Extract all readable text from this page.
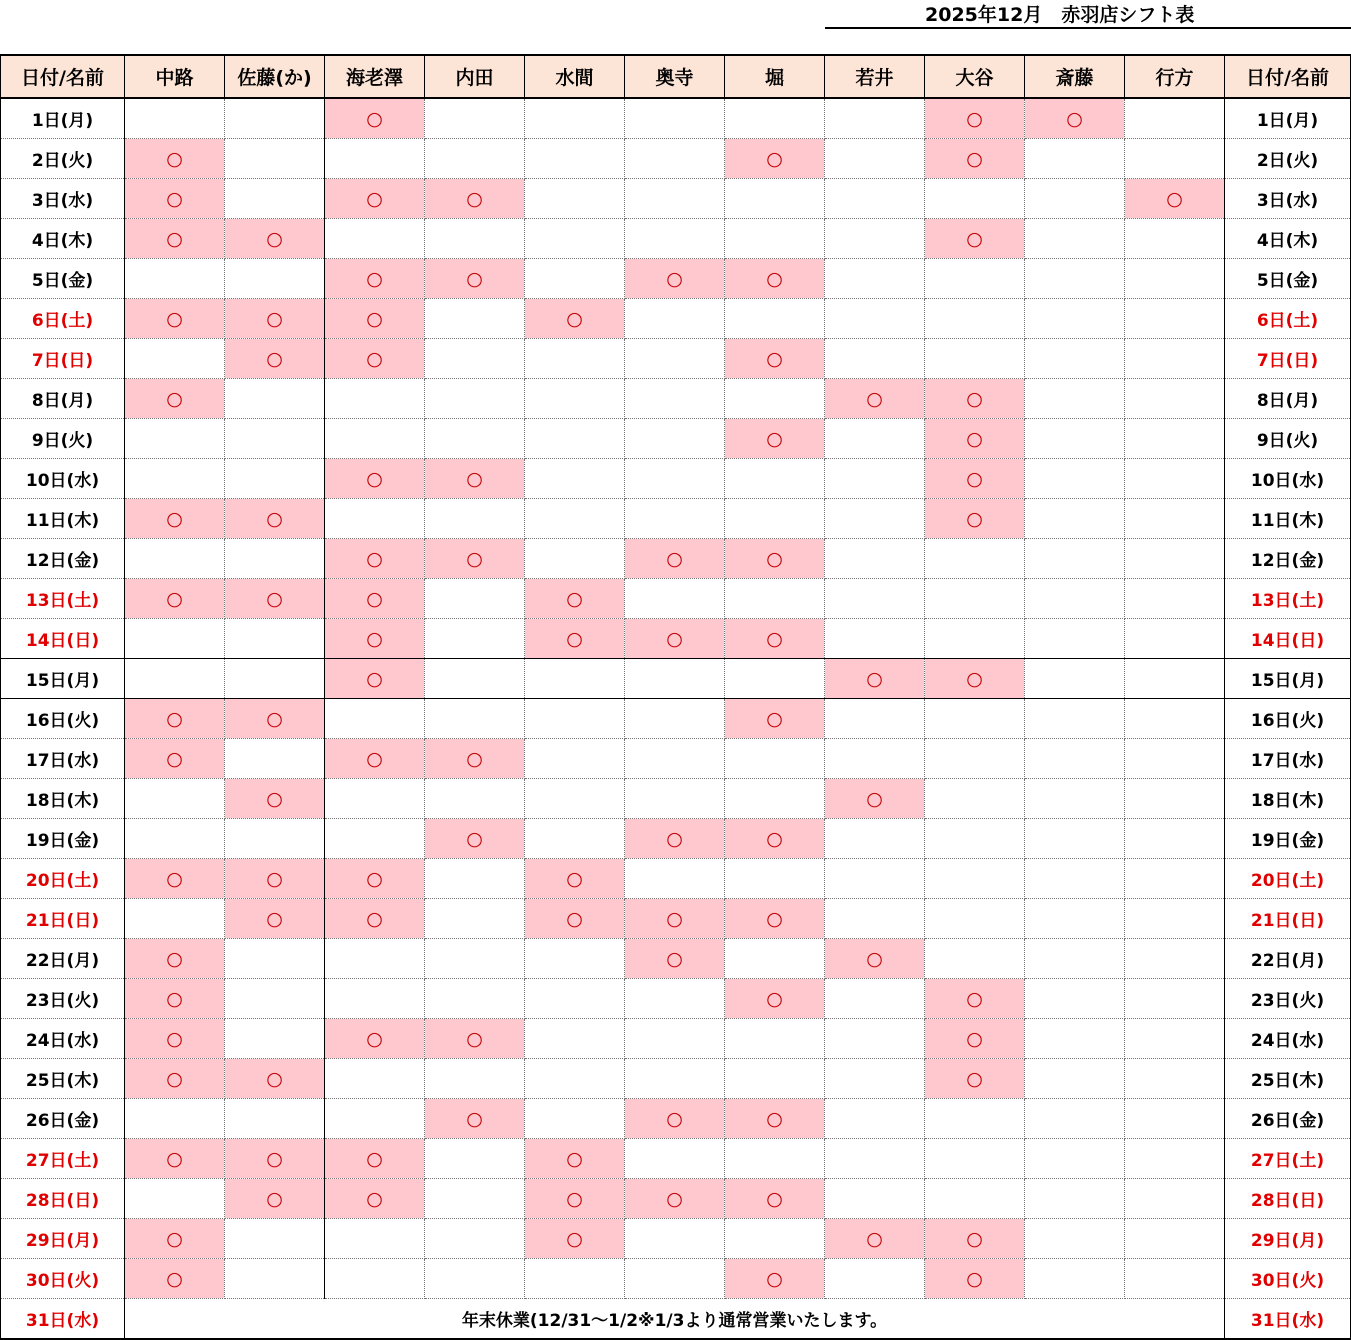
2025年12月　赤羽店シフト表
日付/名前	中路	佐藤(か)	海老澤	内田	水間	奥寺	堀	若井	大谷	斎藤	行方	日付/名前
1日(月)			○						○	○		1日(月)
2日(火)	○						○		○			2日(火)
3日(水)	○		○	○							○	3日(水)
4日(木)	○	○							○			4日(木)
5日(金)			○	○		○	○					5日(金)
6日(土)	○	○	○		○							6日(土)
7日(日)		○	○				○					7日(日)
8日(月)	○							○	○			8日(月)
9日(火)							○		○			9日(火)
10日(水)			○	○					○			10日(水)
11日(木)	○	○							○			11日(木)
12日(金)			○	○		○	○					12日(金)
13日(土)	○	○	○		○							13日(土)
14日(日)			○		○	○	○					14日(日)
15日(月)			○					○	○			15日(月)
16日(火)	○	○					○					16日(火)
17日(水)	○		○	○								17日(水)
18日(木)		○						○				18日(木)
19日(金)				○		○	○					19日(金)
20日(土)	○	○	○		○							20日(土)
21日(日)		○	○		○	○	○					21日(日)
22日(月)	○					○		○				22日(月)
23日(火)	○						○		○			23日(火)
24日(水)	○		○	○					○			24日(水)
25日(木)	○	○							○			25日(木)
26日(金)				○		○	○					26日(金)
27日(土)	○	○	○		○							27日(土)
28日(日)		○	○		○	○	○					28日(日)
29日(月)	○				○			○	○			29日(月)
30日(火)	○						○		○			30日(火)
31日(水)	年末休業(12/31～1/2※1/3より通常営業いたします。											31日(水)
